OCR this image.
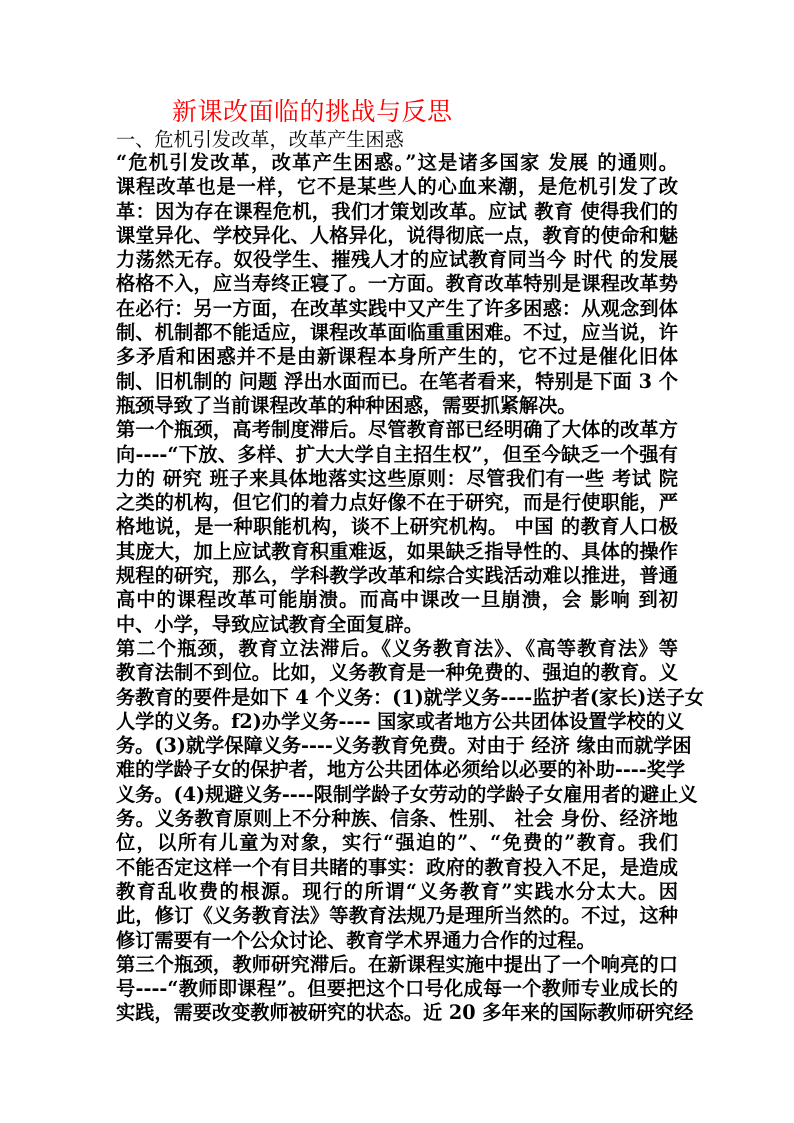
新课改面临的挑战与反思
一、危机引发改革，改革产生困惑
“危机引发改革，改革产生困惑。”这是诸多国家 发展 的通则。
课程改革也是一样，它不是某些人的心血来潮，是危机引发了改
革：因为存在课程危机，我们才策划改革。应试 教育 使得我们的
课堂异化、学校异化、人格异化，说得彻底一点，教育的使命和魅
力荡然无存。奴役学生、摧残人才的应试教育同当今 时代 的发展
格格不入，应当寿终正寝了。一方面。教育改革特别是课程改革势
在必行：另一方面，在改革实践中又产生了许多困惑：从观念到体
制、机制都不能适应，课程改革面临重重困难。不过，应当说，许
多矛盾和困惑并不是由新课程本身所产生的，它不过是催化旧体
制、旧机制的 问题 浮出水面而已。在笔者看来，特别是下面 3 个
瓶颈导致了当前课程改革的种种困惑，需要抓紧解决。
第一个瓶颈，高考制度滞后。尽管教育部已经明确了大体的改革方
向----“下放、多样、扩大大学自主招生权”，但至今缺乏一个强有
力的 研究 班子来具体地落实这些原则：尽管我们有一些 考试 院
之类的机构，但它们的着力点好像不在于研究，而是行使职能，严
格地说，是一种职能机构，谈不上研究机构。 中国 的教育人口极
其庞大，加上应试教育积重难返，如果缺乏指导性的、具体的操作
规程的研究，那么，学科教学改革和综合实践活动难以推进，普通
高中的课程改革可能崩溃。而高中课改一旦崩溃，会 影响 到初
中、小学，导致应试教育全面复辟。
第二个瓶颈，教育立法滞后。《义务教育法》、《高等教育法》等
教育法制不到位。比如，义务教育是一种免费的、强迫的教育。义
务教育的要件是如下 4 个义务：(1)就学义务----监护者(家长)送子女
人学的义务。f2)办学义务---- 国家或者地方公共团体设置学校的义
务。(3)就学保障义务----义务教育免费。对由于 经济 缘由而就学困
难的学龄子女的保护者，地方公共团体必须给以必要的补助----奖学
义务。(4)规避义务----限制学龄子女劳动的学龄子女雇用者的避止义
务。义务教育原则上不分种族、信条、性别、 社会 身份、经济地
位，以所有儿童为对象，实行“强迫的”、“免费的”教育。我们
不能否定这样一个有目共睹的事实：政府的教育投入不足，是造成
教育乱收费的根源。现行的所谓“义务教育”实践水分太大。因
此，修订《义务教育法》等教育法规乃是理所当然的。不过，这种
修订需要有一个公众讨论、教育学术界通力合作的过程。
第三个瓶颈，教师研究滞后。在新课程实施中提出了一个响亮的口
号----“教师即课程”。但要把这个口号化成每一个教师专业成长的
实践，需要改变教师被研究的状态。近 20 多年来的国际教师研究经
